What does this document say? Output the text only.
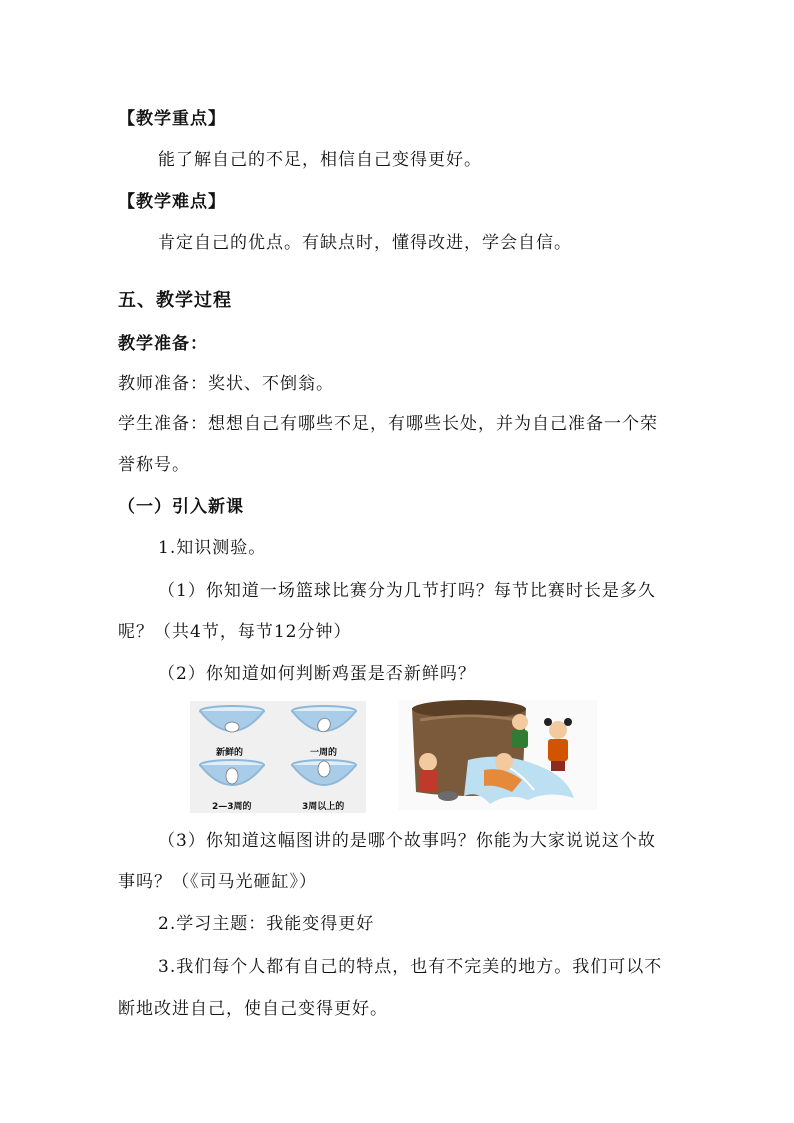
【教学重点】
能了解自己的不足，相信自己变得更好。
【教学难点】
肯定自己的优点。有缺点时，懂得改进，学会自信。
五、教学过程
教学准备：
教师准备：奖状、不倒翁。
学生准备：想想自己有哪些不足，有哪些长处，并为自己准备一个荣
誉称号。
（一）引入新课
1.知识测验。
（1）你知道一场篮球比赛分为几节打吗？每节比赛时长是多久
呢？（共4节，每节12分钟）
（2）你知道如何判断鸡蛋是否新鲜吗？
新鲜的	一周的
2—3周的	3周以上的
（3）你知道这幅图讲的是哪个故事吗？你能为大家说说这个故
事吗？（《司马光砸缸》）
2.学习主题：我能变得更好
3.我们每个人都有自己的特点，也有不完美的地方。我们可以不
断地改进自己，使自己变得更好。
